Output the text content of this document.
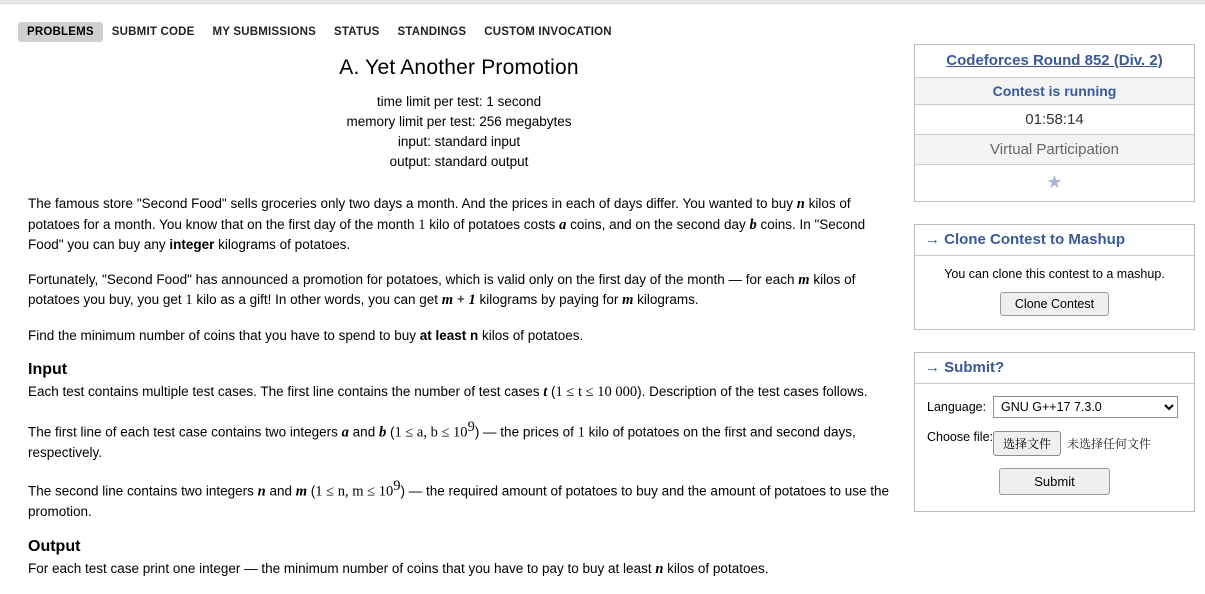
PROBLEMS	SUBMIT CODE	MY SUBMISSIONS	STATUS	STANDINGS	CUSTOM INVOCATION
A. Yet Another Promotion
time limit per test: 1 second
memory limit per test: 256 megabytes
input: standard input
output: standard output

The famous store "Second Food" sells groceries only two days a month. And the prices in each of days differ. You wanted to buy n kilos of potatoes for a month. You know that on the first day of the month 1 kilo of potatoes costs a coins, and on the second day b coins. In "Second Food" you can buy any integer kilograms of potatoes.

Fortunately, "Second Food" has announced a promotion for potatoes, which is valid only on the first day of the month — for each m kilos of potatoes you buy, you get 1 kilo as a gift! In other words, you can get m + 1 kilograms by paying for m kilograms.

Find the minimum number of coins that you have to spend to buy at least n kilos of potatoes.

Input

Each test contains multiple test cases. The first line contains the number of test cases t (1 ≤ t ≤ 10 000). Description of the test cases follows.

The first line of each test case contains two integers a and b (1 ≤ a, $b \le 10^9$) — the prices of 1 kilo of potatoes on the first and second days, respectively.

The second line contains two integers n and m (1 ≤ n, $m \le 10^9$) — the required amount of potatoes to buy and the amount of potatoes to use the promotion.

Output

For each test case print one integer — the minimum number of coins that you have to pay to buy at least n kilos of potatoes.

Codeforces Round 852 (Div. 2)
Contest is running
01:58:14
Virtual Participation
★
→ Clone Contest to Mashup
You can clone this contest to a mashup.
Clone Contest
→ Submit?
Language:
GNU G++17 7.3.0
Choose file: 选择文件	未选择任何文件
Submit
